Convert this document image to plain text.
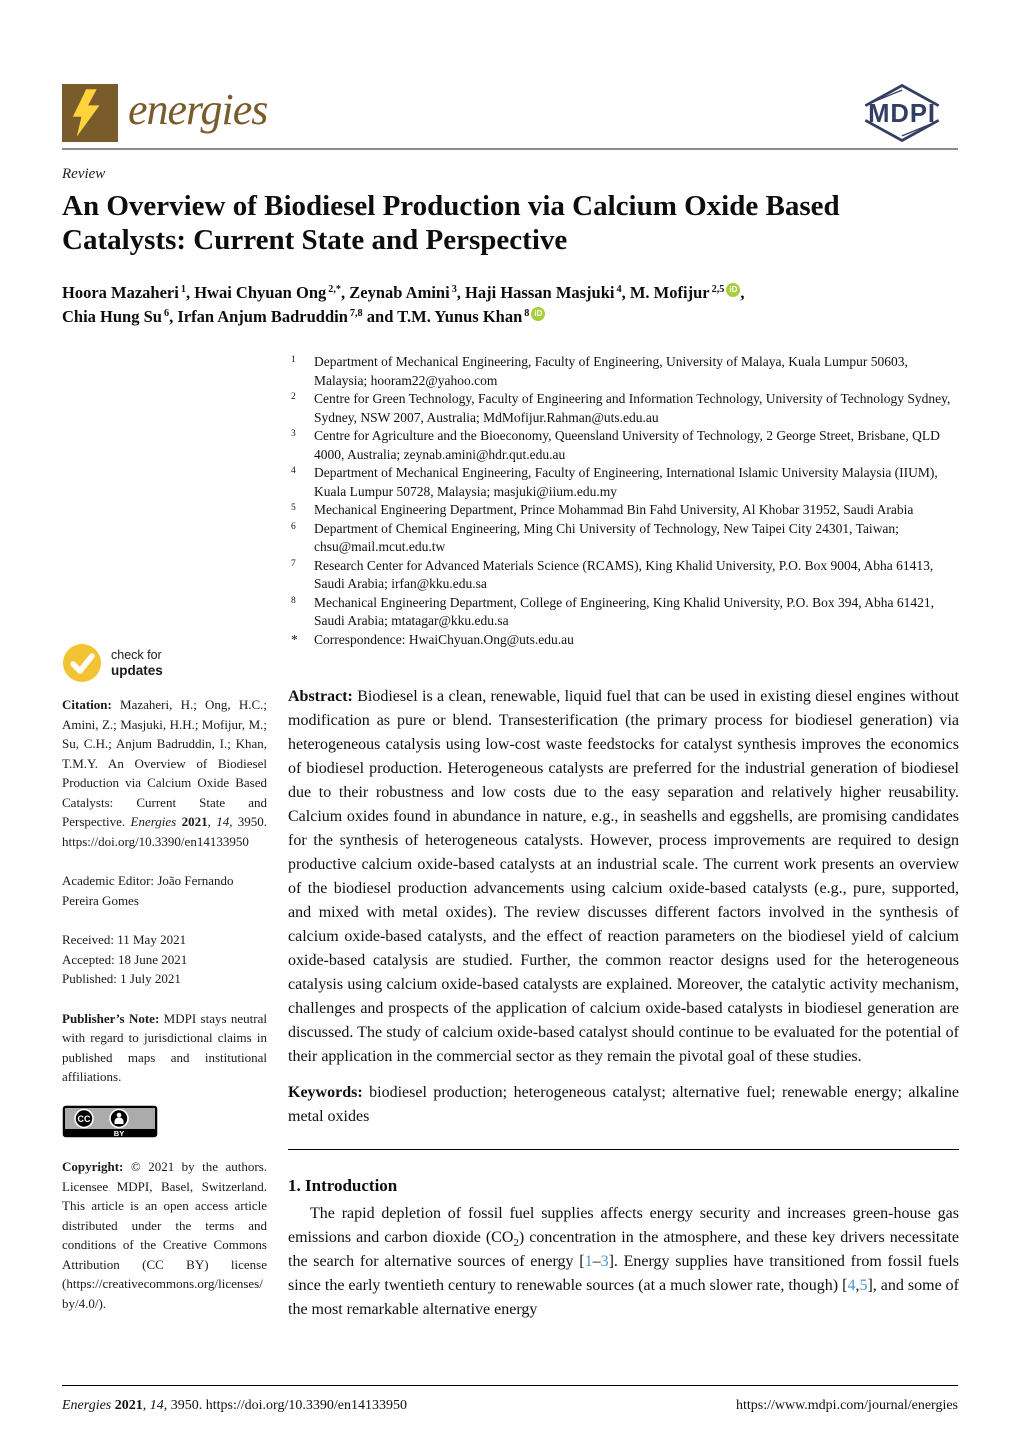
energies	MDPI
Review
An Overview of Biodiesel Production via Calcium Oxide Based Catalysts: Current State and Perspective
Hoora Mazaheri $^1$, Hwai Chyuan Ong $^{2,*}$, Zeynab Amini $^3$, Haji Hassan Masjuki $^4$, M. Mofijur $^{2,5}$ iD ,
Chia Hung Su $^6$, Irfan Anjum Badruddin $^{7,8}$ and T.M. Yunus Khan $^8$ iD
check for
updates

Citation: Mazaheri, H.; Ong, H.C.; Amini, Z.; Masjuki, H.H.; Mofijur, M.; Su, C.H.; Anjum Badruddin, I.; Khan, T.M.Y. An Overview of Biodiesel Production via Calcium Oxide Based Catalysts: Current State and Perspective. Energies 2021, 14, 3950. https://doi.org/10.3390/en14133950

Academic Editor: João Fernando Pereira Gomes

Received: 11 May 2021
Accepted: 18 June 2021
Published: 1 July 2021

Publisher’s Note: MDPI stays neutral with regard to jurisdictional claims in published maps and institutional affiliations.

CC
BY

Copyright: © 2021 by the authors. Licensee MDPI, Basel, Switzerland. This article is an open access article distributed under the terms and conditions of the Creative Commons Attribution (CC BY) license (https://creativecommons.org/licenses/by/4.0/).

1	Department of Mechanical Engineering, Faculty of Engineering, University of Malaya, Kuala Lumpur 50603, Malaysia; hooram22@yahoo.com
2	Centre for Green Technology, Faculty of Engineering and Information Technology, University of Technology Sydney, Sydney, NSW 2007, Australia; MdMofijur.Rahman@uts.edu.au
3	Centre for Agriculture and the Bioeconomy, Queensland University of Technology, 2 George Street, Brisbane, QLD 4000, Australia; zeynab.amini@hdr.qut.edu.au
4	Department of Mechanical Engineering, Faculty of Engineering, International Islamic University Malaysia (IIUM), Kuala Lumpur 50728, Malaysia; masjuki@iium.edu.my
5	Mechanical Engineering Department, Prince Mohammad Bin Fahd University, Al Khobar 31952, Saudi Arabia
6	Department of Chemical Engineering, Ming Chi University of Technology, New Taipei City 24301, Taiwan; chsu@mail.mcut.edu.tw
7	Research Center for Advanced Materials Science (RCAMS), King Khalid University, P.O. Box 9004, Abha 61413, Saudi Arabia; irfan@kku.edu.sa
8	Mechanical Engineering Department, College of Engineering, King Khalid University, P.O. Box 394, Abha 61421, Saudi Arabia; mtatagar@kku.edu.sa
*	Correspondence: HwaiChyuan.Ong@uts.edu.au

Abstract: Biodiesel is a clean, renewable, liquid fuel that can be used in existing diesel engines without modification as pure or blend. Transesterification (the primary process for biodiesel generation) via heterogeneous catalysis using low-cost waste feedstocks for catalyst synthesis improves the economics of biodiesel production. Heterogeneous catalysts are preferred for the industrial generation of biodiesel due to their robustness and low costs due to the easy separation and relatively higher reusability. Calcium oxides found in abundance in nature, e.g., in seashells and eggshells, are promising candidates for the synthesis of heterogeneous catalysts. However, process improvements are required to design productive calcium oxide-based catalysts at an industrial scale. The current work presents an overview of the biodiesel production advancements using calcium oxide-based catalysts (e.g., pure, supported, and mixed with metal oxides). The review discusses different factors involved in the synthesis of calcium oxide-based catalysts, and the effect of reaction parameters on the biodiesel yield of calcium oxide-based catalysis are studied. Further, the common reactor designs used for the heterogeneous catalysis using calcium oxide-based catalysts are explained. Moreover, the catalytic activity mechanism, challenges and prospects of the application of calcium oxide-based catalysts in biodiesel generation are discussed. The study of calcium oxide-based catalyst should continue to be evaluated for the potential of their application in the commercial sector as they remain the pivotal goal of these studies.

Keywords: biodiesel production; heterogeneous catalyst; alternative fuel; renewable energy; alkaline metal oxides

1. Introduction

The rapid depletion of fossil fuel supplies affects energy security and increases green-house gas emissions and carbon dioxide $(CO_2)$ concentration in the atmosphere, and these key drivers necessitate the search for alternative sources of energy [1–3]. Energy supplies have transitioned from fossil fuels since the early twentieth century to renewable sources (at a much slower rate, though) [4,5], and some of the most remarkable alternative energy

Energies 2021, 14, 3950. https://doi.org/10.3390/en14133950	https://www.mdpi.com/journal/energies
